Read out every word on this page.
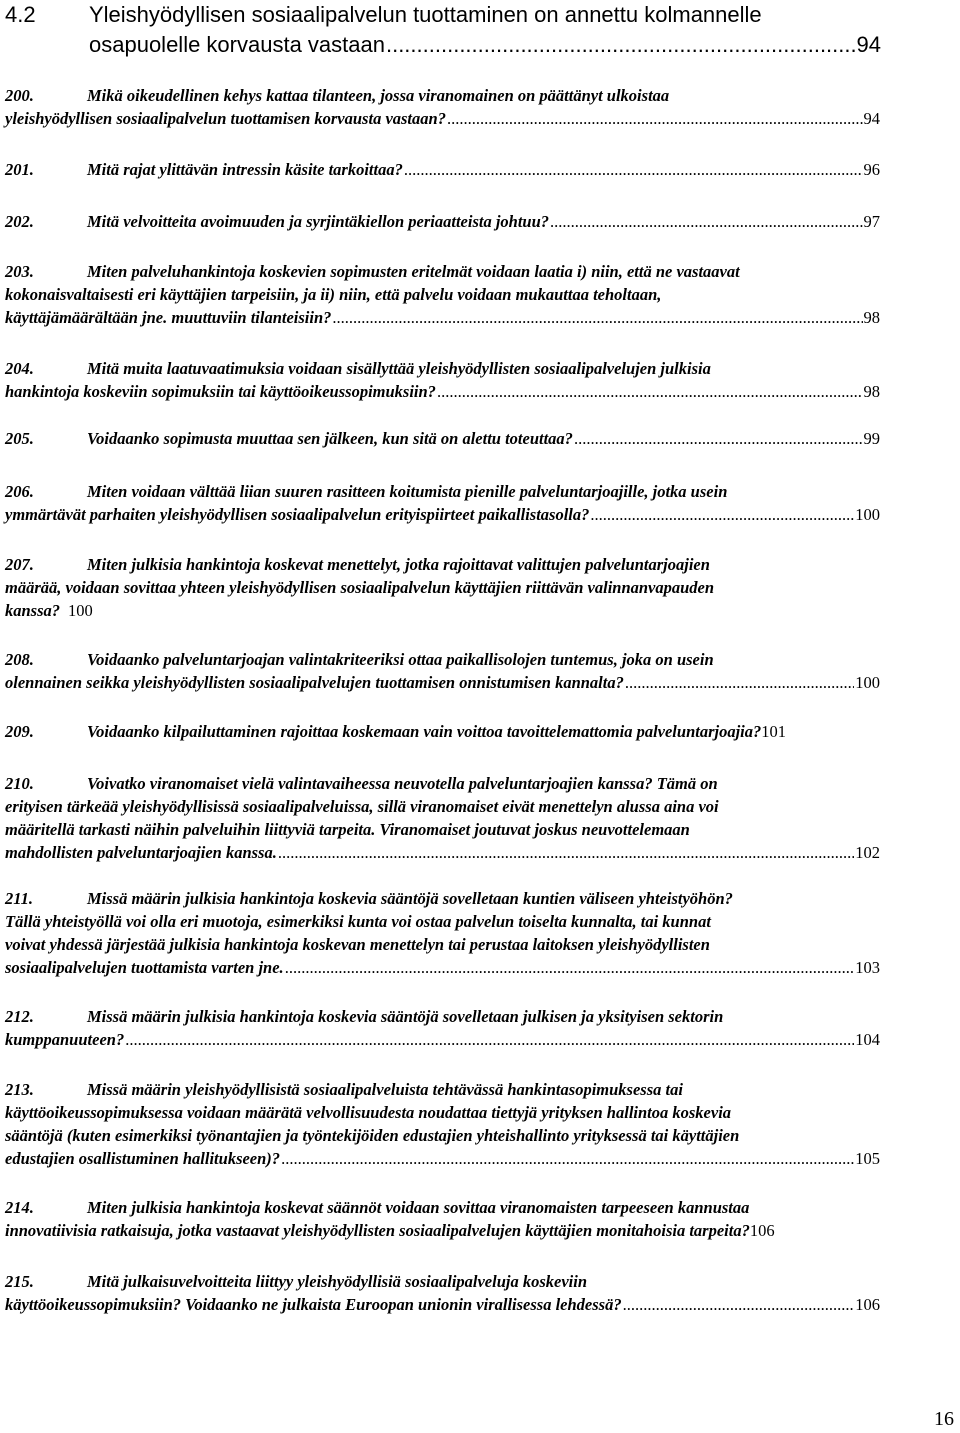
4.2 Yleishyödyllisen sosiaalipalvelun tuottaminen on annettu kolmannelle
osapuolelle korvausta vastaan .....	94
200.	Mikä oikeudellinen kehys kattaa tilanteen, jossa viranomainen on päättänyt ulkoistaa
yleishyödyllisen sosiaalipalvelun tuottamisen korvausta vastaan? .....	94
201.	Mitä rajat ylittävän intressin käsite tarkoittaa? .....	96
202.	Mitä velvoitteita avoimuuden ja syrjintäkiellon periaatteista johtuu? .....	97
203.	Miten palveluhankintoja koskevien sopimusten eritelmät voidaan laatia i) niin, että ne vastaavat
kokonaisvaltaisesti eri käyttäjien tarpeisiin, ja ii) niin, että palvelu voidaan mukauttaa teholtaan,
käyttäjämäärältään jne. muuttuviin tilanteisiin? .....	98
204.	Mitä muita laatuvaatimuksia voidaan sisällyttää yleishyödyllisten sosiaalipalvelujen julkisia
hankintoja koskeviin sopimuksiin tai käyttöoikeussopimuksiin? .....	98
205.	Voidaanko sopimusta muuttaa sen jälkeen, kun sitä on alettu toteuttaa? .....	99
206.	Miten voidaan välttää liian suuren rasitteen koitumista pienille palveluntarjoajille, jotka usein
ymmärtävät parhaiten yleishyödyllisen sosiaalipalvelun erityispiirteet paikallistasolla? .....	100
207.	Miten julkisia hankintoja koskevat menettelyt, jotka rajoittavat valittujen palveluntarjoajien
määrää, voidaan sovittaa yhteen yleishyödyllisen sosiaalipalvelun käyttäjien riittävän valinnanvapauden
kanssa? 100
208.	Voidaanko palveluntarjoajan valintakriteeriksi ottaa paikallisolojen tuntemus, joka on usein
olennainen seikka yleishyödyllisten sosiaalipalvelujen tuottamisen onnistumisen kannalta? .....	100
209.	Voidaanko kilpailuttaminen rajoittaa koskemaan vain voittoa tavoittelemattomia palveluntarjoajia? 101
210.	Voivatko viranomaiset vielä valintavaiheessa neuvotella palveluntarjoajien kanssa? Tämä on
erityisen tärkeää yleishyödyllisissä sosiaalipalveluissa, sillä viranomaiset eivät menettelyn alussa aina voi
määritellä tarkasti näihin palveluihin liittyviä tarpeita. Viranomaiset joutuvat joskus neuvottelemaan
mahdollisten palveluntarjoajien kanssa. .....	102
211.	Missä määrin julkisia hankintoja koskevia sääntöjä sovelletaan kuntien väliseen yhteistyöhön?
Tällä yhteistyöllä voi olla eri muotoja, esimerkiksi kunta voi ostaa palvelun toiselta kunnalta, tai kunnat
voivat yhdessä järjestää julkisia hankintoja koskevan menettelyn tai perustaa laitoksen yleishyödyllisten
sosiaalipalvelujen tuottamista varten jne. .....	103
212.	Missä määrin julkisia hankintoja koskevia sääntöjä sovelletaan julkisen ja yksityisen sektorin
kumppanuuteen? .....	104
213.	Missä määrin yleishyödyllisistä sosiaalipalveluista tehtävässä hankintasopimuksessa tai
käyttöoikeussopimuksessa voidaan määrätä velvollisuudesta noudattaa tiettyjä yrityksen hallintoa koskevia
sääntöjä (kuten esimerkiksi työnantajien ja työntekijöiden edustajien yhteishallinto yrityksessä tai käyttäjien
edustajien osallistuminen hallitukseen)? .....	105
214.	Miten julkisia hankintoja koskevat säännöt voidaan sovittaa viranomaisten tarpeeseen kannustaa
innovatiivisia ratkaisuja, jotka vastaavat yleishyödyllisten sosiaalipalvelujen käyttäjien monitahoisia tarpeita? 106
215.	Mitä julkaisuvelvoitteita liittyy yleishyödyllisiä sosiaalipalveluja koskeviin
käyttöoikeussopimuksiin? Voidaanko ne julkaista Euroopan unionin virallisessa lehdessä? .....	106
16
